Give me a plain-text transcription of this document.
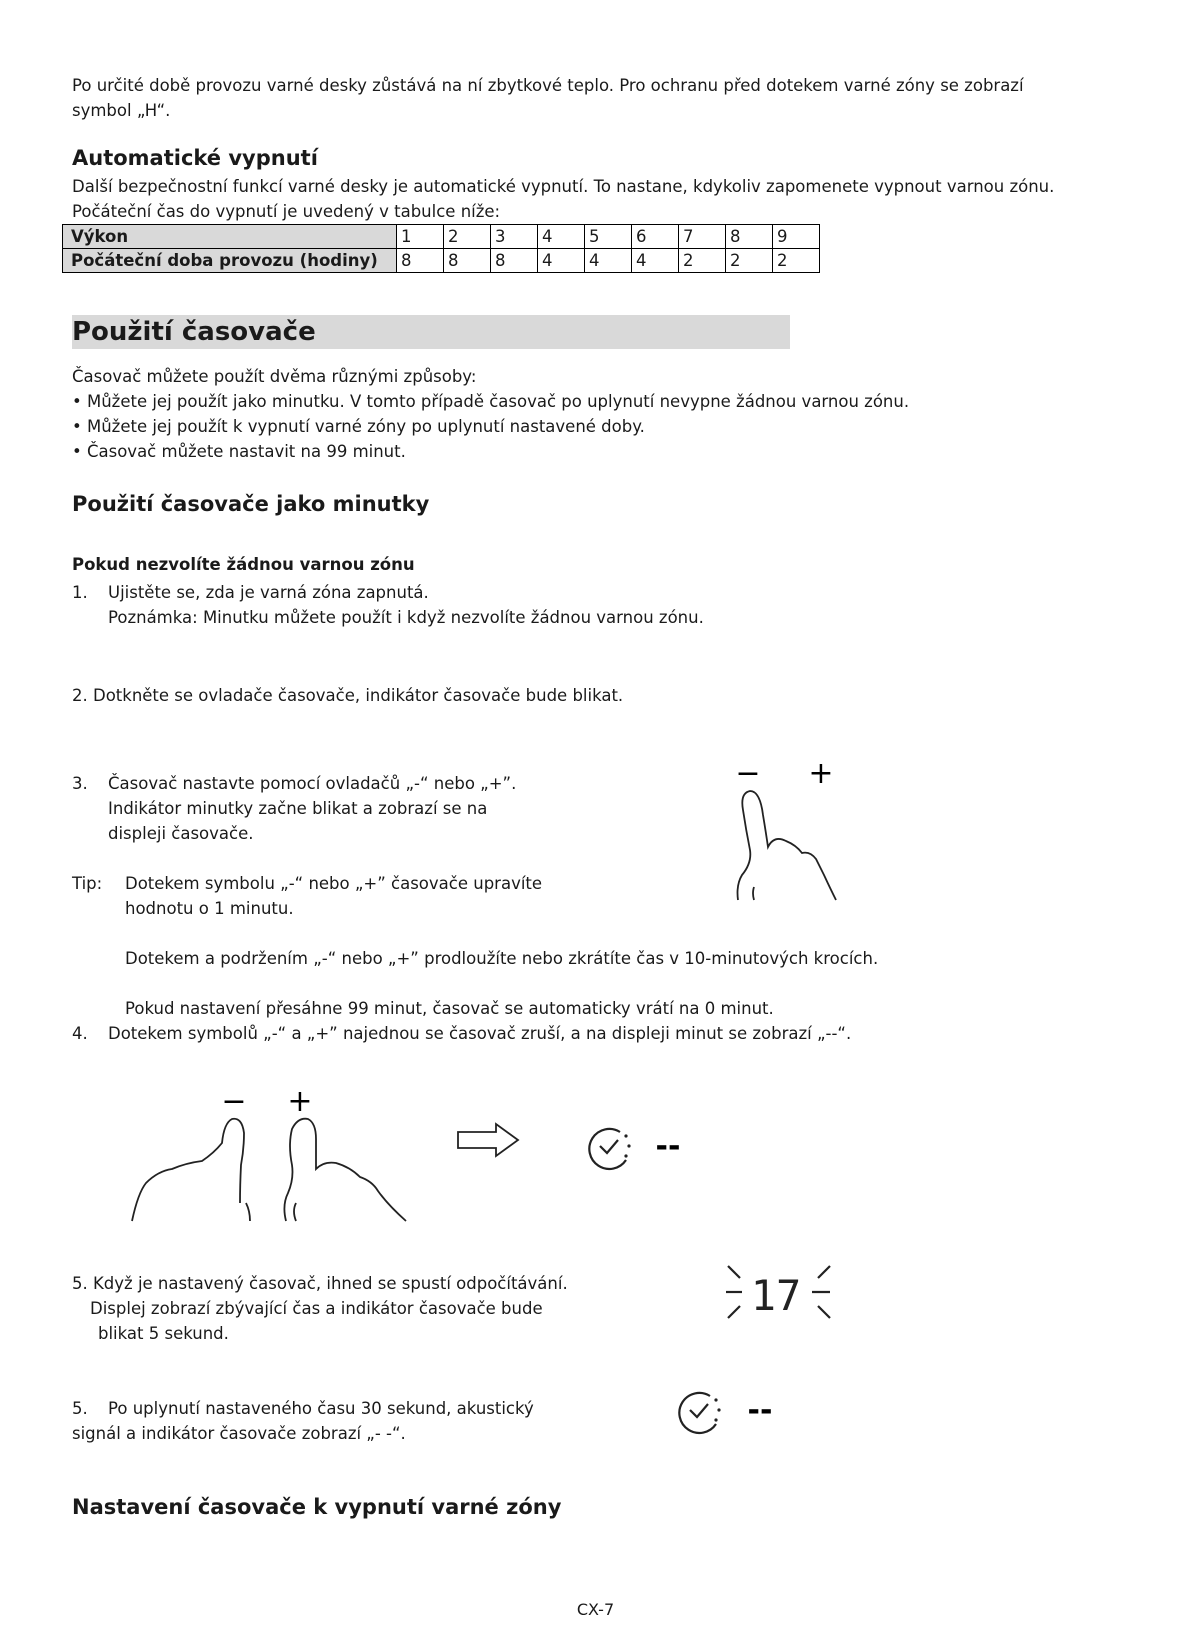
Po určité době provozu varné desky zůstává na ní zbytkové teplo. Pro ochranu před dotekem varné zóny se zobrazí
symbol „H“.
Automatické vypnutí
Další bezpečnostní funkcí varné desky je automatické vypnutí. To nastane, kdykoliv zapomenete vypnout varnou zónu.
Počáteční čas do vypnutí je uvedený v tabulce níže:
Výkon	1	2	3	4	5	6	7	8	9
Počáteční doba provozu (hodiny)	8	8	8	4	4	4	2	2	2
Použití časovače
Časovač můžete použít dvěma různými způsoby:
• Můžete jej použít jako minutku. V tomto případě časovač po uplynutí nevypne žádnou varnou zónu.
• Můžete jej použít k vypnutí varné zóny po uplynutí nastavené doby.
• Časovač můžete nastavit na 99 minut.
Použití časovače jako minutky
Pokud nezvolíte žádnou varnou zónu
1. Ujistěte se, zda je varná zóna zapnutá.
Poznámka: Minutku můžete použít i když nezvolíte žádnou varnou zónu.
2. Dotkněte se ovladače časovače, indikátor časovače bude blikat.
3. Časovač nastavte pomocí ovladačů „-“ nebo „+”.
Indikátor minutky začne blikat a zobrazí se na
displeji časovače.
Tip: Dotekem symbolu „-“ nebo „+” časovače upravíte
hodnotu o 1 minutu.
Dotekem a podržením „-“ nebo „+” prodloužíte nebo zkrátíte čas v 10-minutových krocích.
Pokud nastavení přesáhne 99 minut, časovač se automaticky vrátí na 0 minut.
4. Dotekem symbolů „-“ a „+” najednou se časovač zruší, a na displeji minut se zobrazí „--“.
5. Když je nastavený časovač, ihned se spustí odpočítávání.
Displej zobrazí zbývající čas a indikátor časovače bude
blikat 5 sekund.
5. Po uplynutí nastaveného času 30 sekund, akustický
signál a indikátor časovače zobrazí „- -“.
Nastavení časovače k vypnutí varné zóny
− +
− +
--
17
--
CX-7
